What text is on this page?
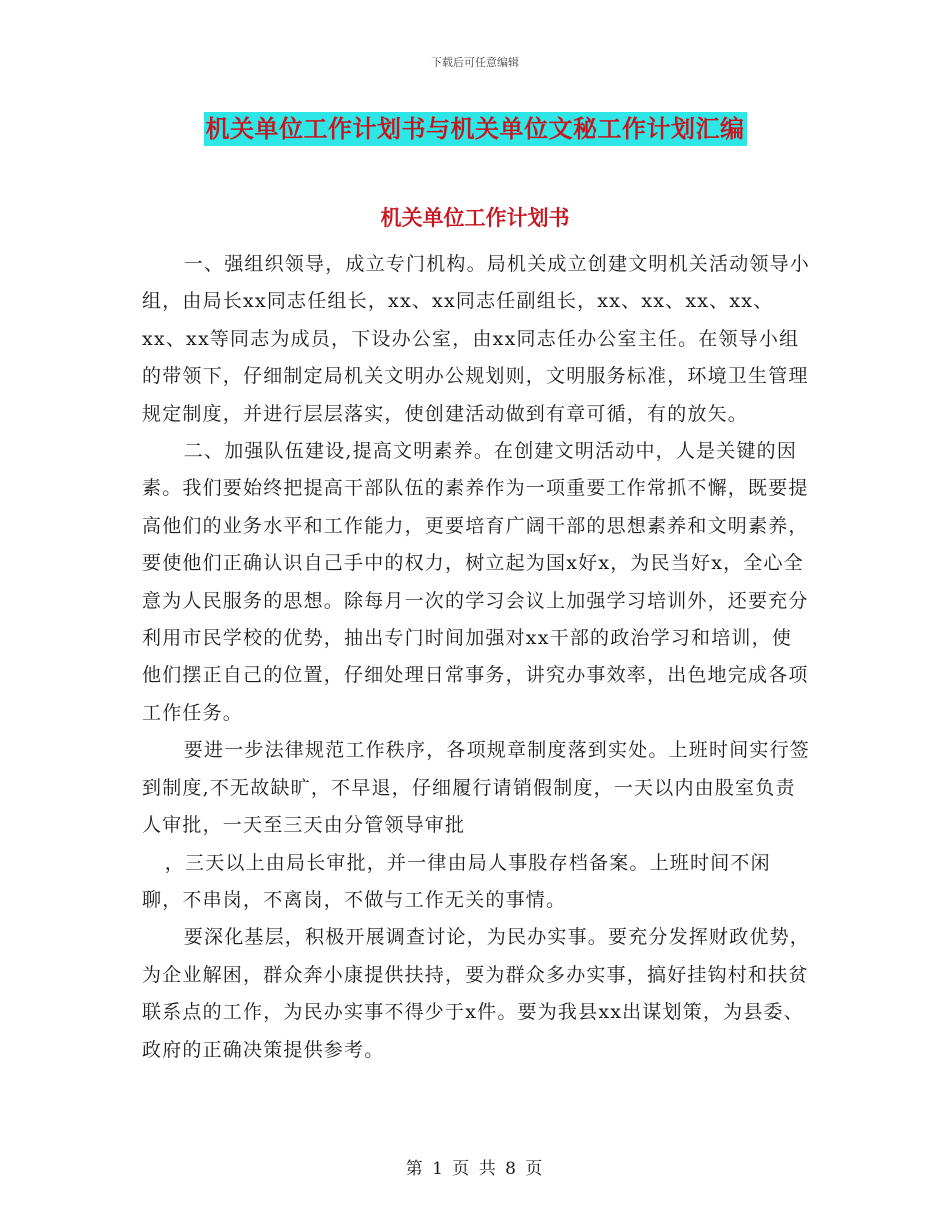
下载后可任意编辑
机关单位工作计划书与机关单位文秘工作计划汇编
机关单位工作计划书

一、强组织领导，成立专门机构。局机关成立创建文明机关活动领导小组，由局长xx同志任组长，xx、xx同志任副组长，xx、xx、xx、xx、xx、xx等同志为成员，下设办公室，由xx同志任办公室主任。在领导小组的带领下，仔细制定局机关文明办公规划则，文明服务标准，环境卫生管理规定制度，并进行层层落实，使创建活动做到有章可循，有的放矢。

二、加强队伍建设,提高文明素养。在创建文明活动中，人是关键的因素。我们要始终把提高干部队伍的素养作为一项重要工作常抓不懈，既要提高他们的业务水平和工作能力，更要培育广阔干部的思想素养和文明素养，要使他们正确认识自己手中的权力，树立起为国x好x，为民当好x，全心全意为人民服务的思想。除每月一次的学习会议上加强学习培训外，还要充分利用市民学校的优势，抽出专门时间加强对xx干部的政治学习和培训，使他们摆正自己的位置，仔细处理日常事务，讲究办事效率，出色地完成各项工作任务。

要进一步法律规范工作秩序，各项规章制度落到实处。上班时间实行签到制度,不无故缺旷，不早退，仔细履行请销假制度，一天以内由股室负责人审批，一天至三天由分管领导审批

，三天以上由局长审批，并一律由局人事股存档备案。上班时间不闲聊，不串岗，不离岗，不做与工作无关的事情。

要深化基层，积极开展调查讨论，为民办实事。要充分发挥财政优势，为企业解困，群众奔小康提供扶持，要为群众多办实事，搞好挂钩村和扶贫联系点的工作，为民办实事不得少于x件。要为我县xx出谋划策，为县委、政府的正确决策提供参考。

第 1 页 共 8 页
